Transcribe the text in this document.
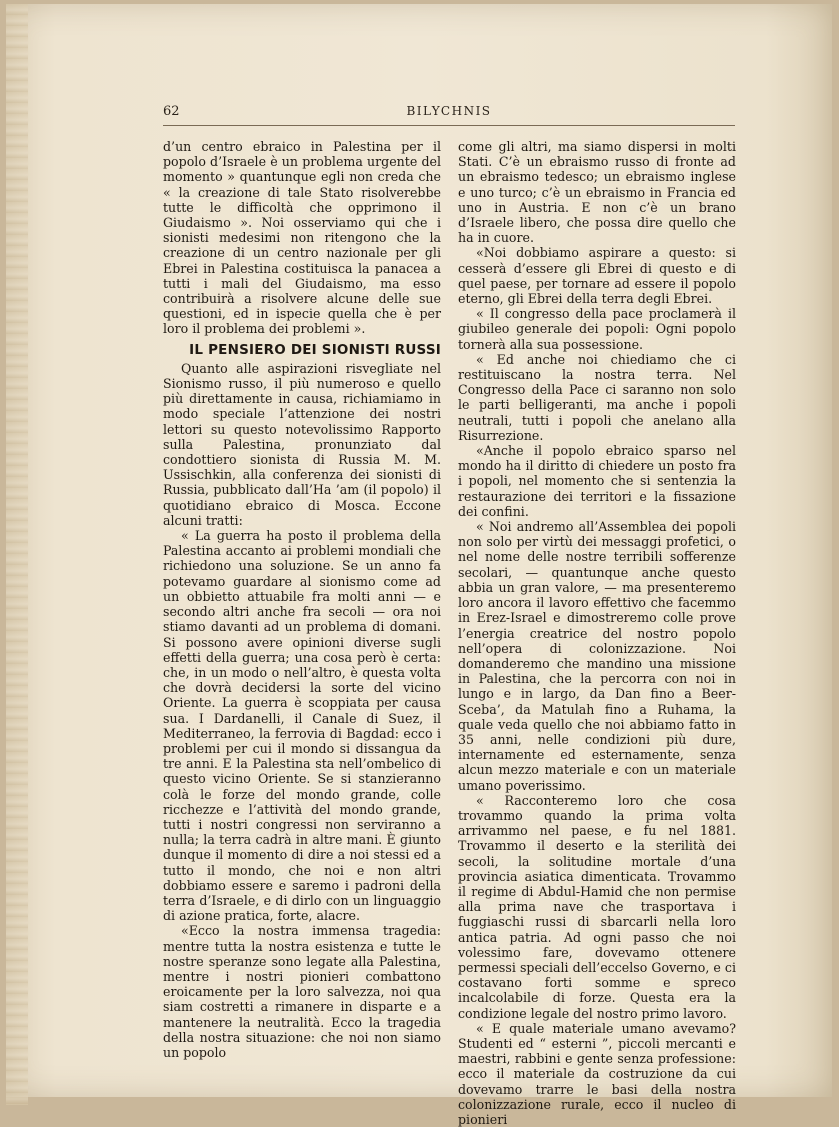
62	BILYCHNIS

d’un centro ebraico in Palestina per il popolo d’Israele è un problema urgente del momento » quantunque egli non creda che « la creazione di tale Stato risolverebbe tutte le difficoltà che opprimono il Giudaismo ». Noi osserviamo qui che i sionisti medesimi non ritengono che la creazione di un centro nazionale per gli Ebrei in Palestina costituisca la panacea a tutti i mali del Giudaismo, ma esso contribuirà a risolvere alcune delle sue questioni, ed in ispecie quella che è per loro il problema dei problemi ».

IL PENSIERO DEI SIONISTI RUSSI

Quanto alle aspirazioni risvegliate nel Sionismo russo, il più numeroso e quello più direttamente in causa, richiamiamo in modo speciale l’attenzione dei nostri lettori su questo notevolissimo Rapporto sulla Palestina, pronunziato dal condottiero sionista di Russia M. M. Ussischkin, alla conferenza dei sionisti di Russia, pubblicato dall’Ha ’am (il popolo) il quotidiano ebraico di Mosca. Eccone alcuni tratti:

« La guerra ha posto il problema della Palestina accanto ai problemi mondiali che richiedono una soluzione. Se un anno fa potevamo guardare al sionismo come ad un obbietto attuabile fra molti anni — e secondo altri anche fra secoli — ora noi stiamo davanti ad un problema di domani. Si possono avere opinioni diverse sugli effetti della guerra; una cosa però è certa: che, in un modo o nell’altro, è questa volta che dovrà decidersi la sorte del vicino Oriente. La guerra è scoppiata per causa sua. I Dardanelli, il Canale di Suez, il Mediterraneo, la ferrovia di Bagdad: ecco i problemi per cui il mondo si dissangua da tre anni. E la Palestina sta nell’ombelico di questo vicino Oriente. Se si stanzieranno colà le forze del mondo grande, colle ricchezze e l’attività del mondo grande, tutti i nostri congressi non serviranno a nulla; la terra cadrà in altre mani. È giunto dunque il momento di dire a noi stessi ed a tutto il mondo, che noi e non altri dobbiamo essere e saremo i padroni della terra d’Israele, e di dirlo con un linguaggio di azione pratica, forte, alacre.

«Ecco la nostra immensa tragedia: mentre tutta la nostra esistenza e tutte le nostre speranze sono legate alla Palestina, mentre i nostri pionieri combattono eroicamente per la loro salvezza, noi qua siam costretti a rimanere in disparte e a mantenere la neutralità. Ecco la tragedia della nostra situazione: che noi non siamo un popolo

come gli altri, ma siamo dispersi in molti Stati. C’è un ebraismo russo di fronte ad un ebraismo tedesco; un ebraismo inglese e uno turco; c’è un ebraismo in Francia ed uno in Austria. E non c’è un brano d’Israele libero, che possa dire quello che ha in cuore.

«Noi dobbiamo aspirare a questo: si cesserà d’essere gli Ebrei di questo e di quel paese, per tornare ad essere il popolo eterno, gli Ebrei della terra degli Ebrei.

« Il congresso della pace proclamerà il giubileo generale dei popoli: Ogni popolo tornerà alla sua possessione.

« Ed anche noi chiediamo che ci restituiscano la nostra terra. Nel Congresso della Pace ci saranno non solo le parti belligeranti, ma anche i popoli neutrali, tutti i popoli che anelano alla Risurrezione.

«Anche il popolo ebraico sparso nel mondo ha il diritto di chiedere un posto fra i popoli, nel momento che si sentenzia la restaurazione dei territori e la fissazione dei confini.

« Noi andremo all’Assemblea dei popoli non solo per virtù dei messaggi profetici, o nel nome delle nostre terribili sofferenze secolari, — quantunque anche questo abbia un gran valore, — ma presenteremo loro ancora il lavoro effettivo che facemmo in Erez-Israel e dimostreremo colle prove l’energia creatrice del nostro popolo nell’opera di colonizzazione. Noi domanderemo che mandino una missione in Palestina, che la percorra con noi in lungo e in largo, da Dan fino a Beer-Sceba’, da Matulah fino a Ruhama, la quale veda quello che noi abbiamo fatto in 35 anni, nelle condizioni più dure, internamente ed esternamente, senza alcun mezzo materiale e con un materiale umano poverissimo.

« Racconteremo loro che cosa trovammo quando la prima volta arrivammo nel paese, e fu nel 1881. Trovammo il deserto e la sterilità dei secoli, la solitudine mortale d’una provincia asiatica dimenticata. Trovammo il regime di Abdul-Hamid che non permise alla prima nave che trasportava i fuggiaschi russi di sbarcarli nella loro antica patria. Ad ogni passo che noi volessimo fare, dovevamo ottenere permessi speciali dell’eccelso Governo, e ci costavano forti somme e spreco incalcolabile di forze. Questa era la condizione legale del nostro primo lavoro.

« E quale materiale umano avevamo? Studenti ed “ esterni ”, piccoli mercanti e maestri, rabbini e gente senza professione: ecco il materiale da costruzione da cui dovevamo trarre le basi della nostra colonizzazione rurale, ecco il nucleo di pionieri
